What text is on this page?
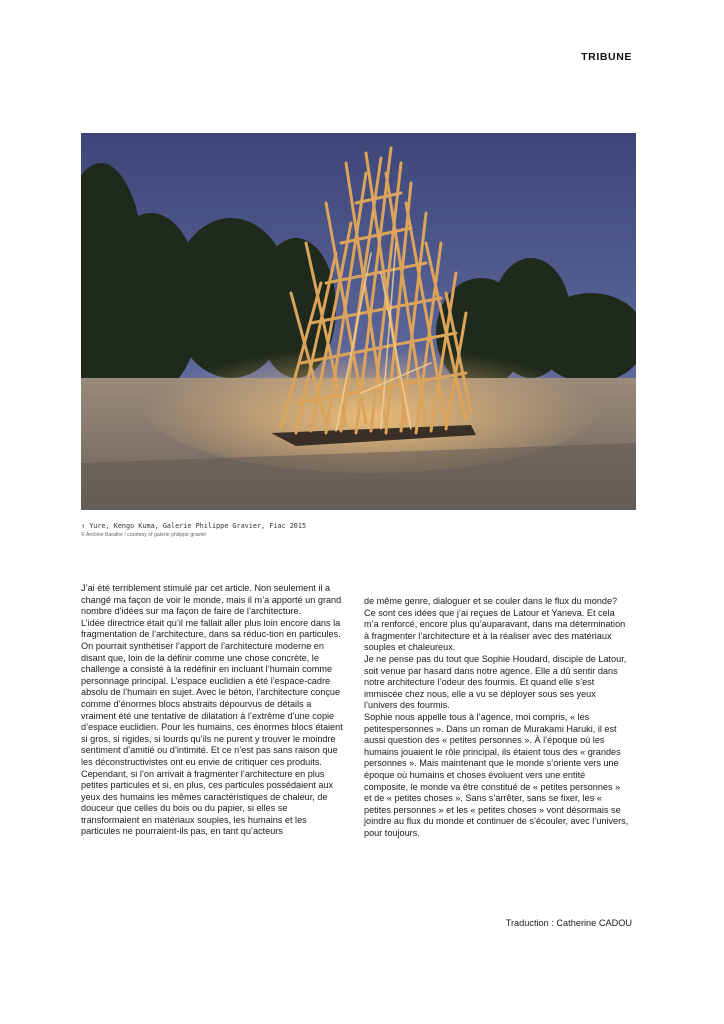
TRIBUNE
↑ Yure, Kengo Kuma, Galerie Philippe Gravier, Fiac 2015
© Antoine Baralhe / courtesy of galerie philippe gravier

J’ai été terriblement stimulé par cet article. Non seulement il a changé ma façon de voir le monde, mais il m’a apporté un grand nombre d’idées sur ma façon de faire de l’architecture.

L’idée directrice était qu’il me fallait aller plus loin encore dans la fragmentation de l’architecture, dans sa réduc-tion en particules. On pourrait synthétiser l’apport de l’architecture moderne en disant que, loin de la définir comme une chose concrète, le challenge a consisté à la redéfinir en incluant l’humain comme personnage principal. L’espace euclidien a été l’espace-cadre absolu de l’humain en sujet. Avec le béton, l’architecture conçue comme d’énormes blocs abstraits dépourvus de détails a vraiment été une tentative de dilatation à l’extrême d’une copie d’espace euclidien. Pour les humains, ces énormes blocs étaient si gros, si rigides, si lourds qu’ils ne purent y trouver le moindre sentiment d’amitié ou d’intimité. Et ce n’est pas sans raison que les déconstructivistes ont eu envie de critiquer ces produits.

Cependant, si l’on arrivait à fragmenter l’architecture en plus petites particules et si, en plus, ces particules possédaient aux yeux des humains les mêmes caractéristiques de chaleur, de douceur que celles du bois ou du papier, si elles se transformaient en matériaux souples, les humains et les particules ne pourraient-ils pas, en tant qu’acteurs

de même genre, dialoguer et se couler dans le flux du monde?

Ce sont ces idées que j’ai reçues de Latour et Yaneva. Et cela m’a renforcé, encore plus qu’auparavant, dans ma détermination à fragmenter l’architecture et à la réaliser avec des matériaux souples et chaleureux.

Je ne pense pas du tout que Sophie Houdard, disciple de Latour, soit venue par hasard dans notre agence. Elle a dû sentir dans notre architecture l’odeur des fourmis. Et quand elle s’est immiscée chez nous, elle a vu se déployer sous ses yeux l’univers des fourmis.

Sophie nous appelle tous à l’agence, moi compris, « les petitespersonnes ». Dans un roman de Murakami Haruki, il est aussi question des « petites personnes ». À l’époque où les humains jouaient le rôle principal, ils étaient tous des « grandes personnes ». Mais maintenant que le monde s’oriente vers une époque où humains et choses évoluent vers une entité composite, le monde va être constitué de « petites personnes » et de « petites choses ». Sans s’arrêter, sans se fixer, les « petites personnes » et les « petites choses » vont désormais se joindre au flux du monde et continuer de s’écouler, avec l’univers, pour toujours.

Traduction : Catherine CADOU
